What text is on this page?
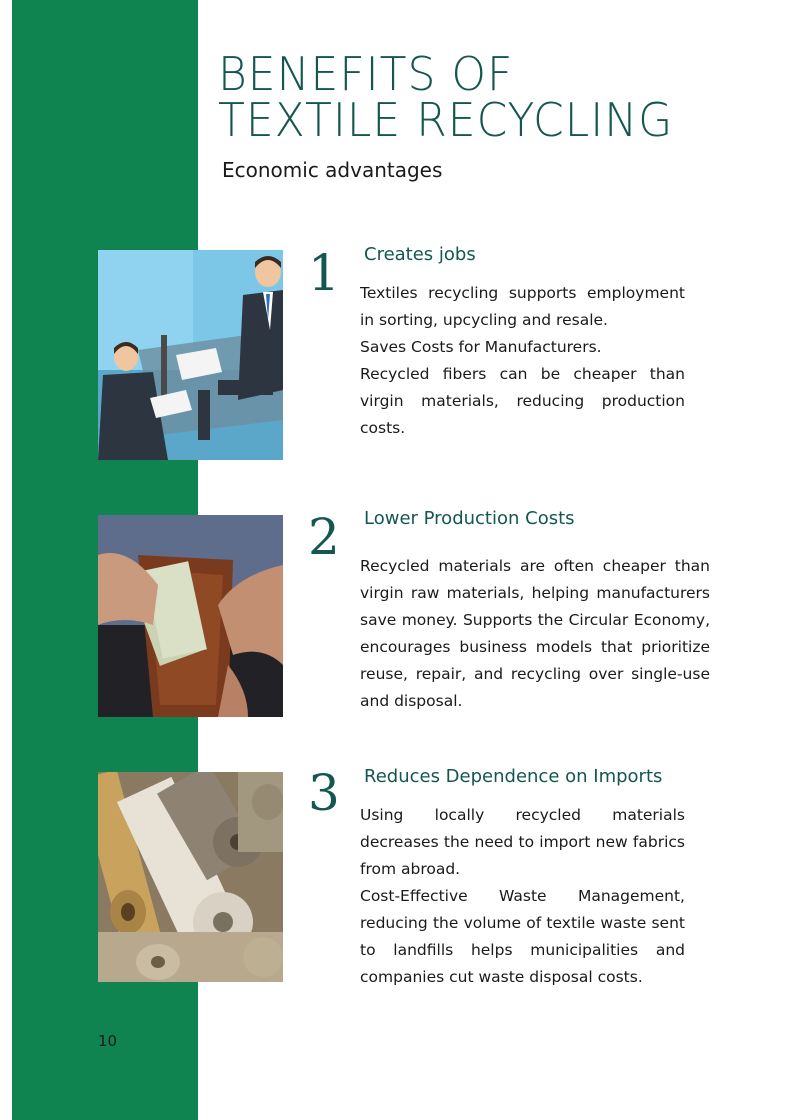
BENEFITS OF
TEXTILE RECYCLING
Economic advantages
1 Creates jobs

Textiles recycling supports employment in sorting, upcycling and resale.

Saves Costs for Manufacturers.

Recycled fibers can be cheaper than virgin materials, reducing production costs.

2 Lower Production Costs

Recycled materials are often cheaper than virgin raw materials, helping manufacturers save money. Supports the Circular Economy, encourages business models that prioritize reuse, repair, and recycling over single-use and disposal.

3 Reduces Dependence on Imports

Using locally recycled materials decreases the need to import new fabrics from abroad.

Cost-Effective Waste Management, reducing the volume of textile waste sent to landfills helps municipalities and companies cut waste disposal costs.

10
